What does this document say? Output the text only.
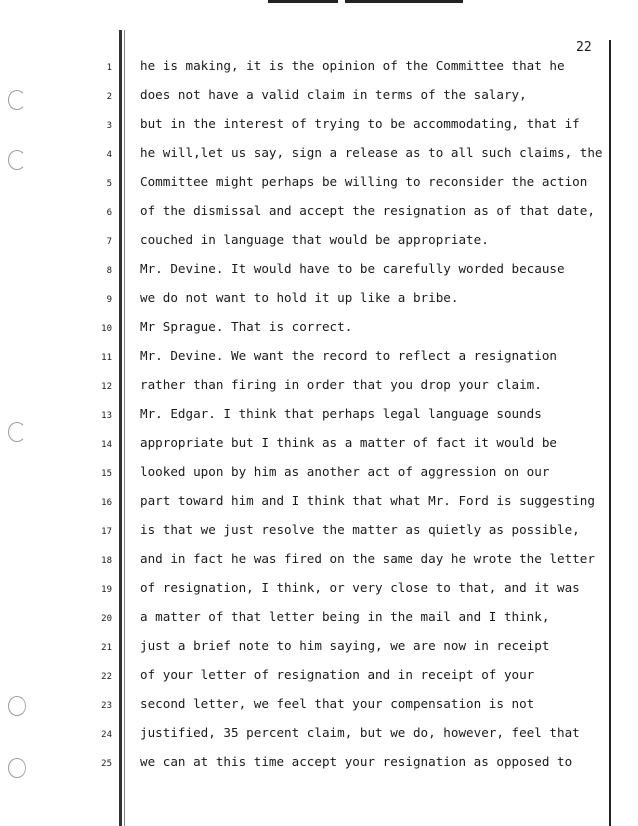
22
1 he is making, it is the opinion of the Committee that he
2 does not have a valid claim in terms of the salary,
3 but in the interest of trying to be accommodating, that if
4 he will,let us say, sign a release as to all such claims, the
5 Committee might perhaps be willing to reconsider the action
6 of the dismissal and accept the resignation as of that date,
7 couched in language that would be appropriate.
8 Mr. Devine. It would have to be carefully worded because
9 we do not want to hold it up like a bribe.
10 Mr Sprague. That is correct.
11 Mr. Devine. We want the record to reflect a resignation
12 rather than firing in order that you drop your claim.
13 Mr. Edgar. I think that perhaps legal language sounds
14 appropriate but I think as a matter of fact it would be
15 looked upon by him as another act of aggression on our
16 part toward him and I think that what Mr. Ford is suggesting
17 is that we just resolve the matter as quietly as possible,
18 and in fact he was fired on the same day he wrote the letter
19 of resignation, I think, or very close to that, and it was
20 a matter of that letter being in the mail and I think,
21 just a brief note to him saying, we are now in receipt
22 of your letter of resignation and in receipt of your
23 second letter, we feel that your compensation is not
24 justified, 35 percent claim, but we do, however, feel that
25 we can at this time accept your resignation as opposed to
